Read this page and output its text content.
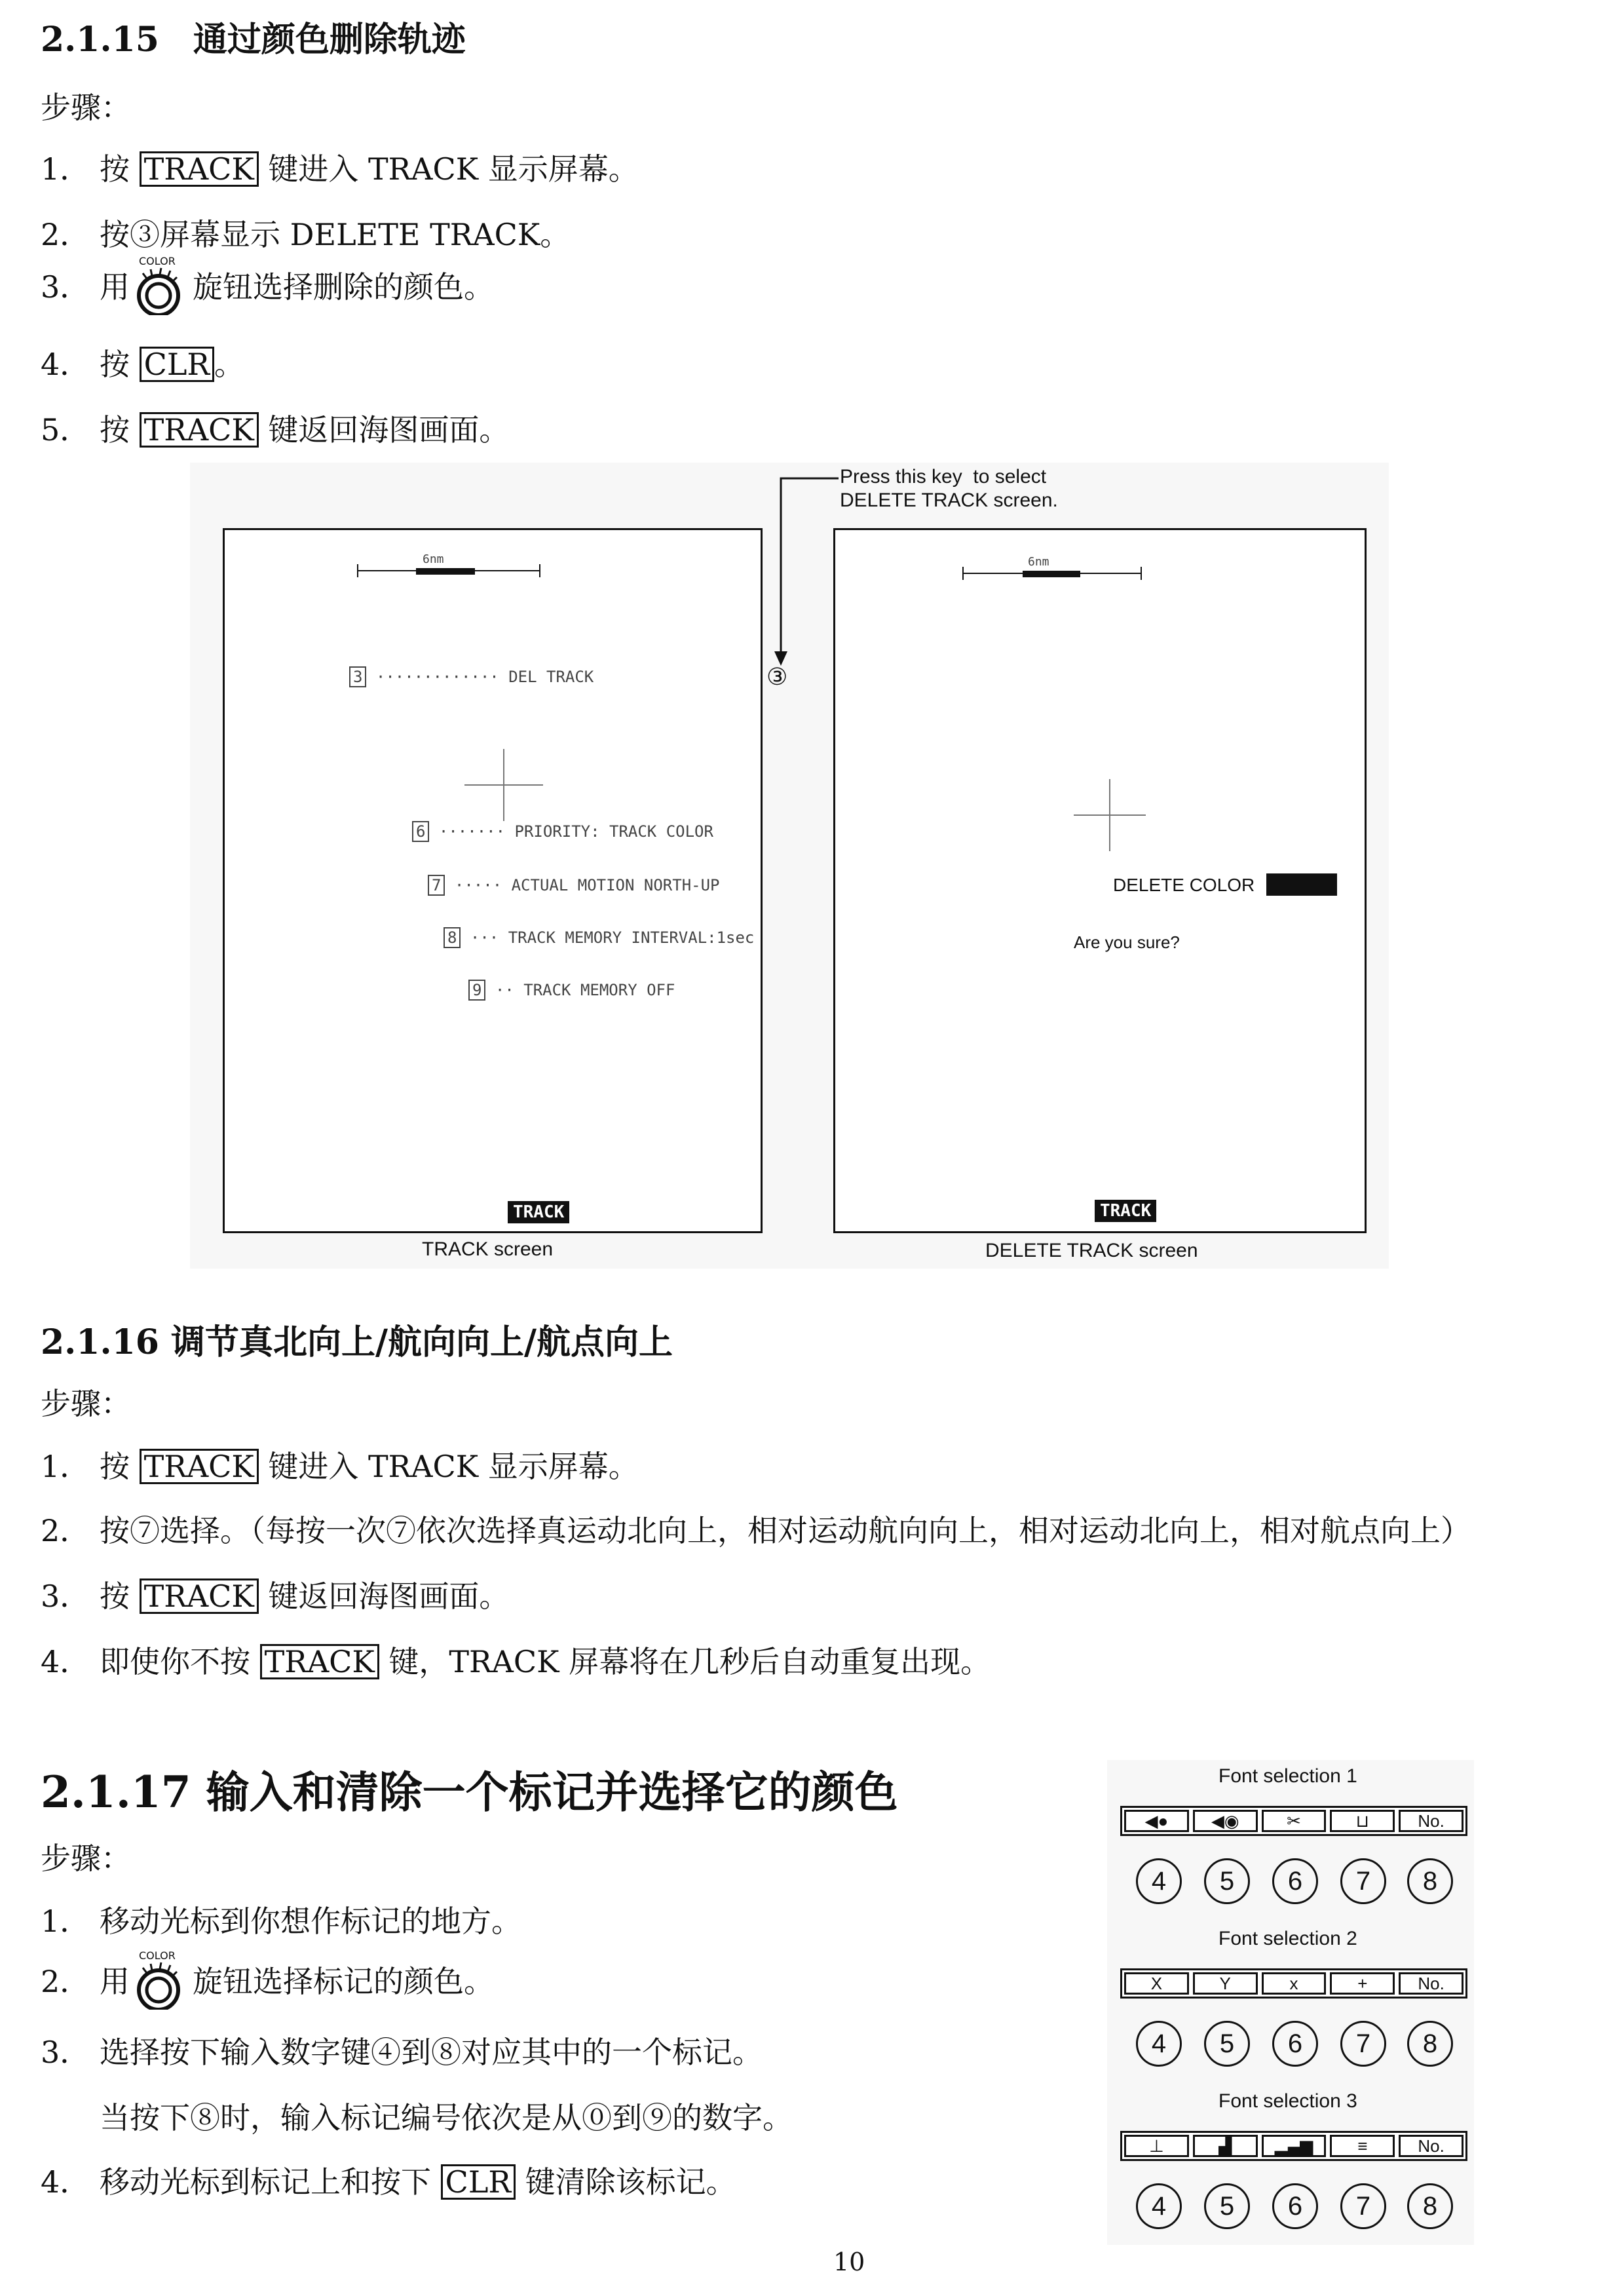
2.1.15　通过颜色删除轨迹
步骤：
1． 按 TRACK 键进入 TRACK 显示屏幕。
2． 按③屏幕显示 DELETE TRACK。
3． 用
COLOR
旋钮选择删除的颜色。
4． 按 CLR 。
5． 按 TRACK 键返回海图画面。
Press this key  to select
DELETE TRACK screen.
③
6nm
3 ············· DEL TRACK
6 ······· PRIORITY: TRACK COLOR
7 ····· ACTUAL MOTION NORTH-UP
8 ··· TRACK MEMORY INTERVAL:1sec
9 ·· TRACK MEMORY OFF
TRACK
TRACK screen
6nm
DELETE COLOR
Are you sure?
TRACK
DELETE TRACK screen
2.1.16 调节真北向上/航向向上/航点向上
步骤：
1． 按 TRACK 键进入 TRACK 显示屏幕。
2． 按⑦选择。（每按一次⑦依次选择真运动北向上，相对运动航向向上，相对运动北向上，相对航点向上）
3． 按 TRACK 键返回海图画面。
4． 即使你不按 TRACK 键，TRACK 屏幕将在几秒后自动重复出现。
2.1.17 输入和清除一个标记并选择它的颜色
步骤：
1． 移动光标到你想作标记的地方。
2． 用
COLOR
旋钮选择标记的颜色。
3． 选择按下输入数字键④到⑧对应其中的一个标记。
当按下⑧时，输入标记编号依次是从⓪到⑨的数字。
4． 移动光标到标记上和按下 CLR 键清除该标记。
Font selection 1
◀●	◀◉	✂	⊔	No.
4	5	6	7	8
Font selection 2
X	Y	x	+	No.
4	5	6	7	8
Font selection 3
⊥	▟	▂▄▆	≡	No.
4	5	6	7	8
10
